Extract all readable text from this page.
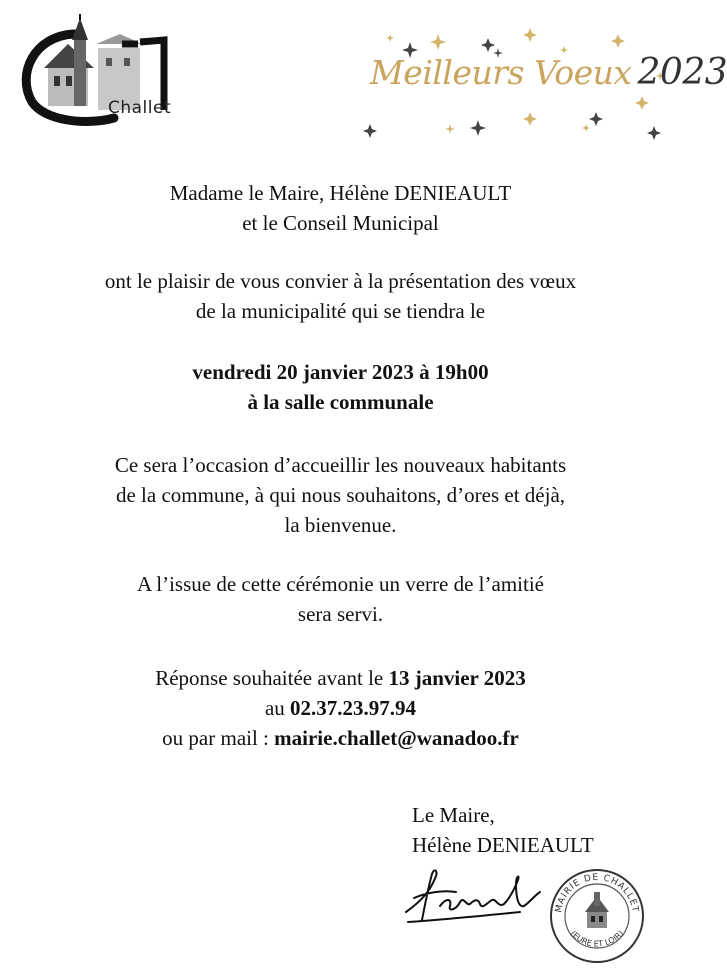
Challet
Meilleurs Voeux 2023

Madame le Maire, Hélène DENIEAULT

et le Conseil Municipal

ont le plaisir de vous convier à la présentation des vœux

de la municipalité qui se tiendra le

vendredi 20 janvier 2023 à 19h00

à la salle communale

Ce sera l’occasion d’accueillir les nouveaux habitants

de la commune, à qui nous souhaitons, d’ores et déjà,

la bienvenue.

A l’issue de cette cérémonie un verre de l’amitié

sera servi.

Réponse souhaitée avant le 13 janvier 2023

au 02.37.23.97.94

ou par mail : mairie.challet@wanadoo.fr

Le Maire,

Hélène DENIEAULT

MAIRIE DE CHALLET
(EURE ET LOIR)
